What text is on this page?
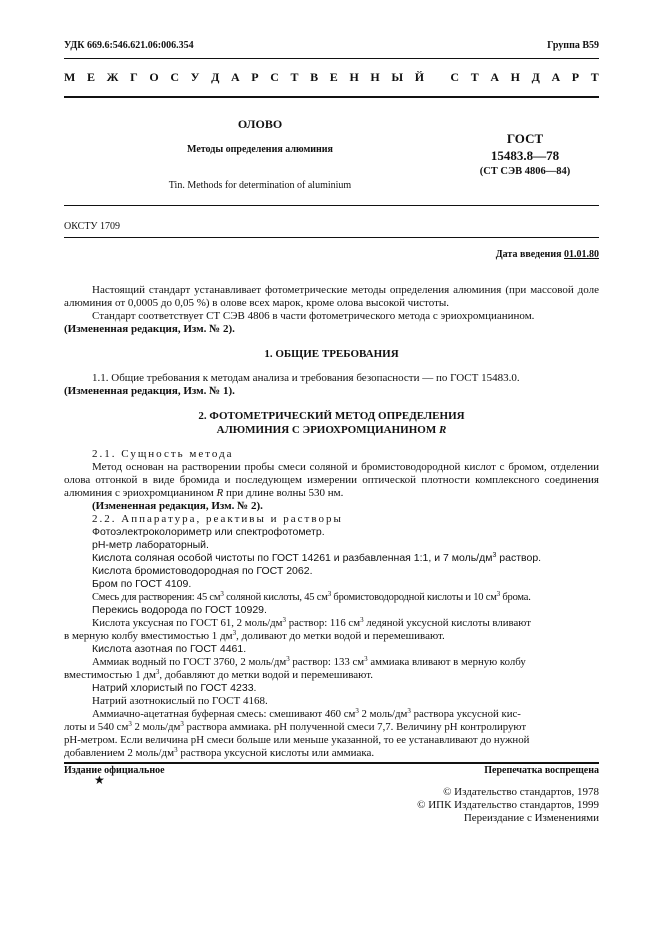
УДК 669.6:546.621.06:006.354	Группа В59
М Е Ж Г О С У Д А Р С Т В Е Н Н Ы Й
С Т А Н Д А Р Т
ОЛОВО
Методы определения алюминия
Tin. Methods for determination of aluminium
ГОСТ
15483.8—78
(СТ СЭВ 4806—84)
ОКСТУ 1709
Дата введения 01.01.80
Настоящий стандарт устанавливает фотометрические методы определения алюминия (при массовой доле алюминия от 0,0005 до 0,05 %) в олове всех марок, кроме олова высокой чистоты.
Стандарт соответствует СТ СЭВ 4806 в части фотометрического метода с эриохромцианином.
(Измененная редакция, Изм. № 2).
1. ОБЩИЕ ТРЕБОВАНИЯ
1.1. Общие требования к методам анализа и требования безопасности — по ГОСТ 15483.0.
(Измененная редакция, Изм. № 1).
2. ФОТОМЕТРИЧЕСКИЙ МЕТОД ОПРЕДЕЛЕНИЯ
АЛЮМИНИЯ С ЭРИОХРОМЦИАНИНОМ R
2.1. Сущность метода
Метод основан на растворении пробы смеси соляной и бромистоводородной кислот с бромом, отделении олова отгонкой в виде бромида и последующем измерении оптической плотности комплексного соединения алюминия с эриохромцианином R при длине волны 530 нм.
(Измененная редакция, Изм. № 2).
2.2. Аппаратура, реактивы и растворы
Фотоэлектроколориметр или спектрофотометр.
рН-метр лабораторный.
Кислота соляная особой чистоты по ГОСТ 14261 и разбавленная 1:1, и 7 моль/$дм^3$ раствор.
Кислота бромистоводородная по ГОСТ 2062.
Бром по ГОСТ 4109.
Смесь для растворения: 45 $см^3$ соляной кислоты, 45 $см^3$ бромистоводородной кислоты и 10 $см^3$ брома.
Перекись водорода по ГОСТ 10929.
Кислота уксусная по ГОСТ 61, 2 моль/$дм^3$ раствор: 116 $см^3$ ледяной уксусной кислоты вливают
в мерную колбу вместимостью 1 $дм^3$, доливают до метки водой и перемешивают.
Кислота азотная по ГОСТ 4461.
Аммиак водный по ГОСТ 3760, 2 моль/$дм^3$ раствор: 133 $см^3$ аммиака вливают в мерную колбу
вместимостью 1 $дм^3$, добавляют до метки водой и перемешивают.
Натрий хлористый по ГОСТ 4233.
Натрий азотнокислый по ГОСТ 4168.
Аммиачно-ацетатная буферная смесь: смешивают 460 $см^3$ 2 моль/$дм^3$ раствора уксусной кис-
лоты и 540 $см^3$ 2 моль/$дм^3$ раствора аммиака. рН полученной смеси 7,7. Величину рН контролируют
рН-метром. Если величина рН смеси больше или меньше указанной, то ее устанавливают до нужной
добавлением 2 моль/$дм^3$ раствора уксусной кислоты или аммиака.
Издание официальное	Перепечатка воспрещена
★
© Издательство стандартов, 1978
© ИПК Издательство стандартов, 1999
Переиздание с Изменениями
